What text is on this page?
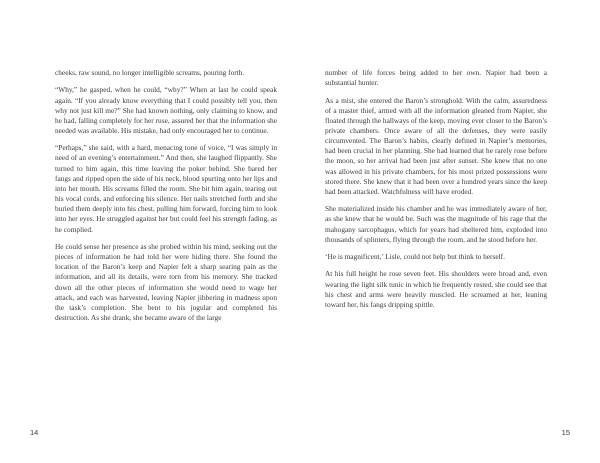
cheeks, raw sound, no longer intelligible screams, pouring forth.

“Why,” he gasped, when he could, “why?” When at last he could speak again. “If you already know everything that I could possibly tell you, then why not just kill me?” She had known nothing, only claiming to know, and he had, falling completely for her ruse, assured her that the information she needed was available. His mistake, had only encouraged her to continue.

“Perhaps,” she said, with a hard, menacing tone of voice, “I was simply in need of an evening’s entertainment.” And then, she laughed flippantly. She turned to him again, this time leaving the poker behind. She bared her fangs and ripped open the side of his neck, blood spurting onto her lips and into her mouth. His screams filled the room. She bit him again, tearing out his vocal cords, and enforcing his silence. Her nails stretched forth and she buried them deeply into his chest, pulling him forward, forcing him to look into her eyes. He struggled against her but could feel his strength fading, as he complied.

He could sense her presence as she probed within his mind, seeking out the pieces of information he had told her were hiding there. She found the location of the Baron’s keep and Napier felt a sharp searing pain as the information, and all its details, were torn from his memory. She tracked down all the other pieces of information she would need to wage her attack, and each was harvested, leaving Napier jibbering in madness upon the task’s completion. She bent to his jugular and completed his destruction. As she drank, she became aware of the large

14

number of life forces being added to her own. Napier had been a substantial hunter.

As a mist, she entered the Baron’s stronghold. With the calm, assuredness of a master thief, armed with all the information gleaned from Napier, she floated through the hallways of the keep, moving ever closer to the Baron’s private chambers. Once aware of all the defenses, they were easily circumvented. The Baron’s habits, clearly defined in Napier’s memories, had been crucial in her planning. She had learned that he rarely rose before the moon, so her arrival had been just after sunset. She knew that no one was allowed in his private chambers, for his most prized possessions were stored there. She knew that it had been over a hundred years since the keep had been attacked. Watchfulness will have eroded.

She materialized inside his chamber and he was immediately aware of her, as she knew that he would be. Such was the magnitude of his rage that the mahogany sarcophagus, which for years had sheltered him, exploded into thousands of splinters, flying through the room, and he stood before her.

‘He is magnificent,’ Lisle, could not help but think to herself.

At his full height he rose seven feet. His shoulders were broad and, even wearing the light silk tunic in which he frequently rested, she could see that his chest and arms were heavily muscled. He screamed at her, leaning toward her, his fangs dripping spittle.

15
